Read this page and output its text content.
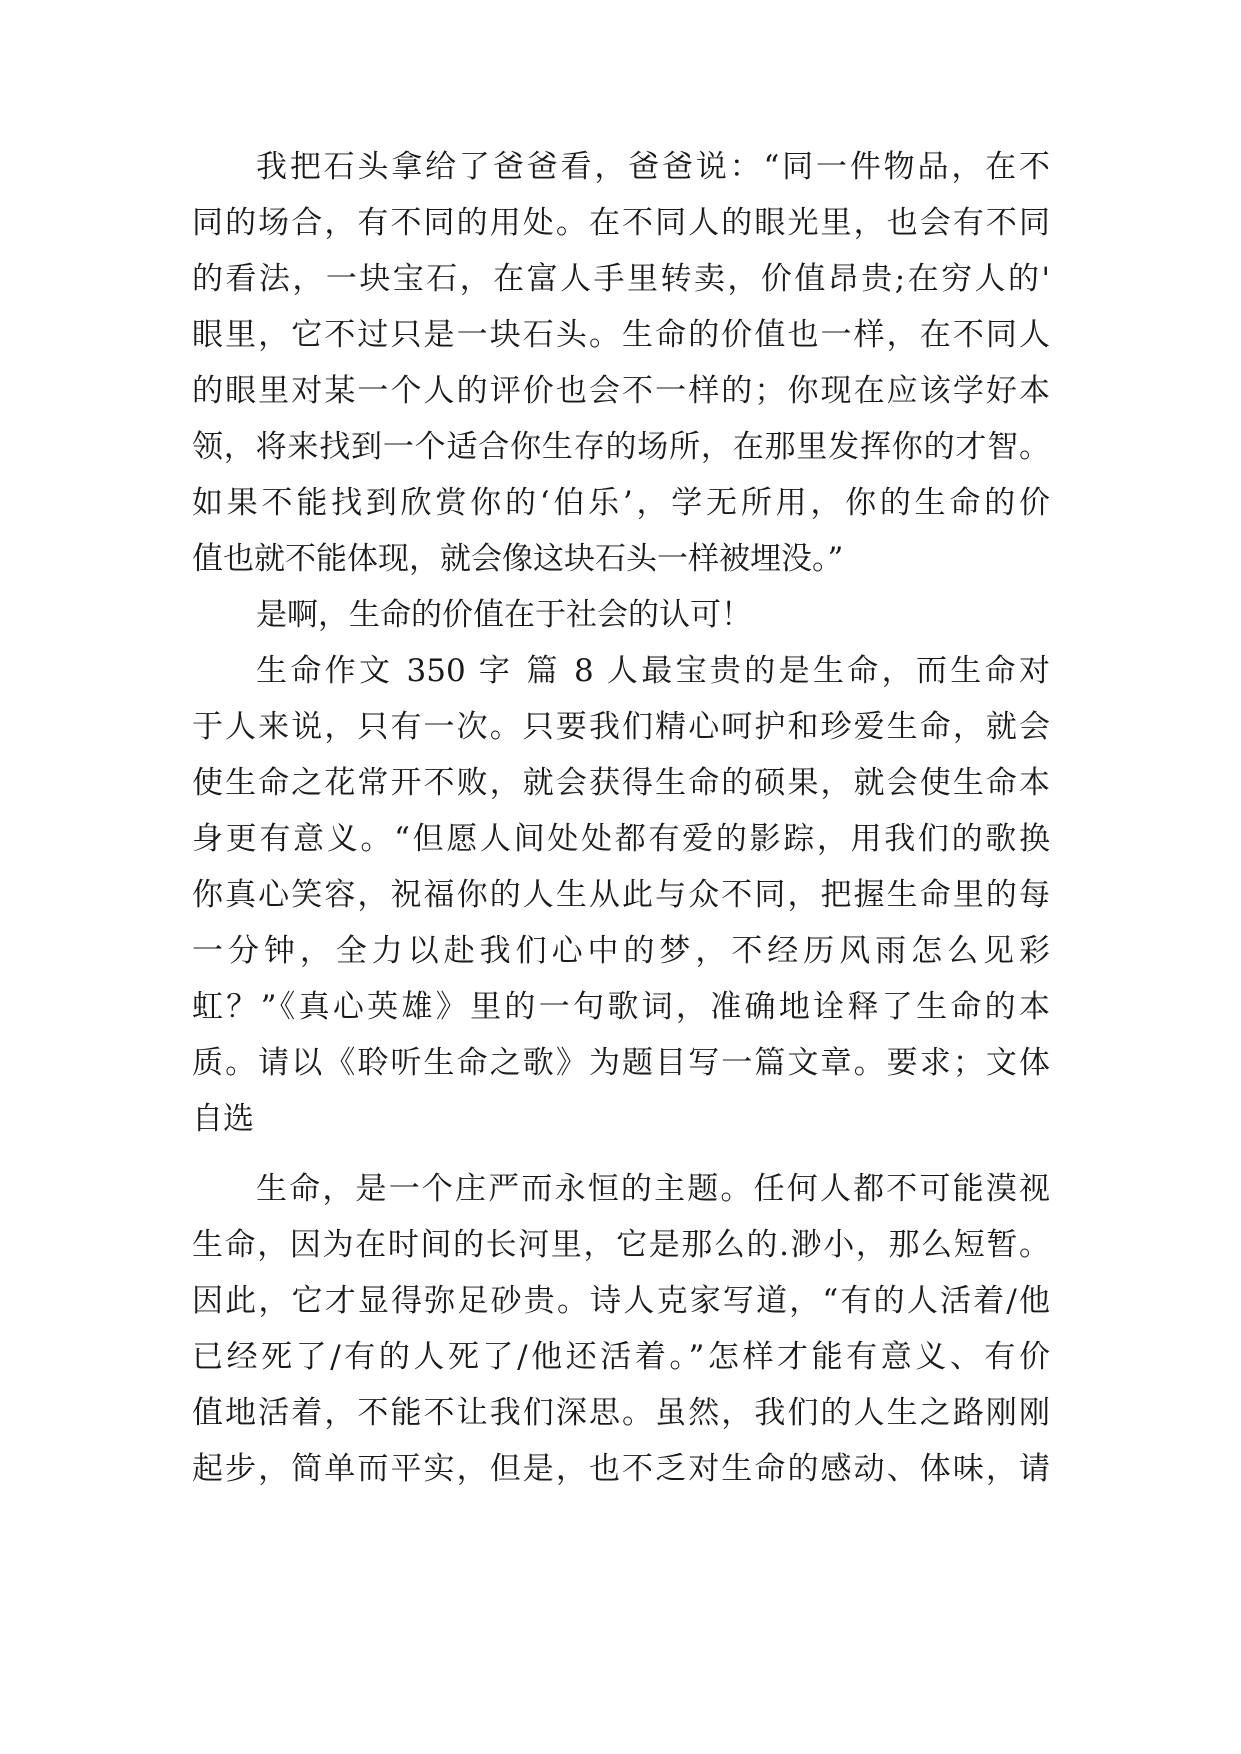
我把石头拿给了爸爸看，爸爸说：“同一件物品，在不
同的场合，有不同的用处。在不同人的眼光里，也会有不同
的看法，一块宝石，在富人手里转卖，价值昂贵;在穷人的'
眼里，它不过只是一块石头。生命的价值也一样，在不同人
的眼里对某一个人的评价也会不一样的；你现在应该学好本
领，将来找到一个适合你生存的场所，在那里发挥你的才智。
如果不能找到欣赏你的‘伯乐’，学无所用，你的生命的价
值也就不能体现，就会像这块石头一样被埋没。”
是啊，生命的价值在于社会的认可！
生命作文 350 字 篇 8 人最宝贵的是生命，而生命对
于人来说，只有一次。只要我们精心呵护和珍爱生命，就会
使生命之花常开不败，就会获得生命的硕果，就会使生命本
身更有意义。“但愿人间处处都有爱的影踪，用我们的歌换
你真心笑容，祝福你的人生从此与众不同，把握生命里的每
一分钟，全力以赴我们心中的梦，不经历风雨怎么见彩
虹？”《真心英雄》里的一句歌词，准确地诠释了生命的本
质。请以《聆听生命之歌》为题目写一篇文章。要求；文体
自选
生命，是一个庄严而永恒的主题。任何人都不可能漠视
生命，因为在时间的长河里，它是那么的.渺小，那么短暂。
因此，它才显得弥足砂贵。诗人克家写道，“有的人活着/他
已经死了/有的人死了/他还活着。”怎样才能有意义、有价
值地活着，不能不让我们深思。虽然，我们的人生之路刚刚
起步，简单而平实，但是，也不乏对生命的感动、体味，请
